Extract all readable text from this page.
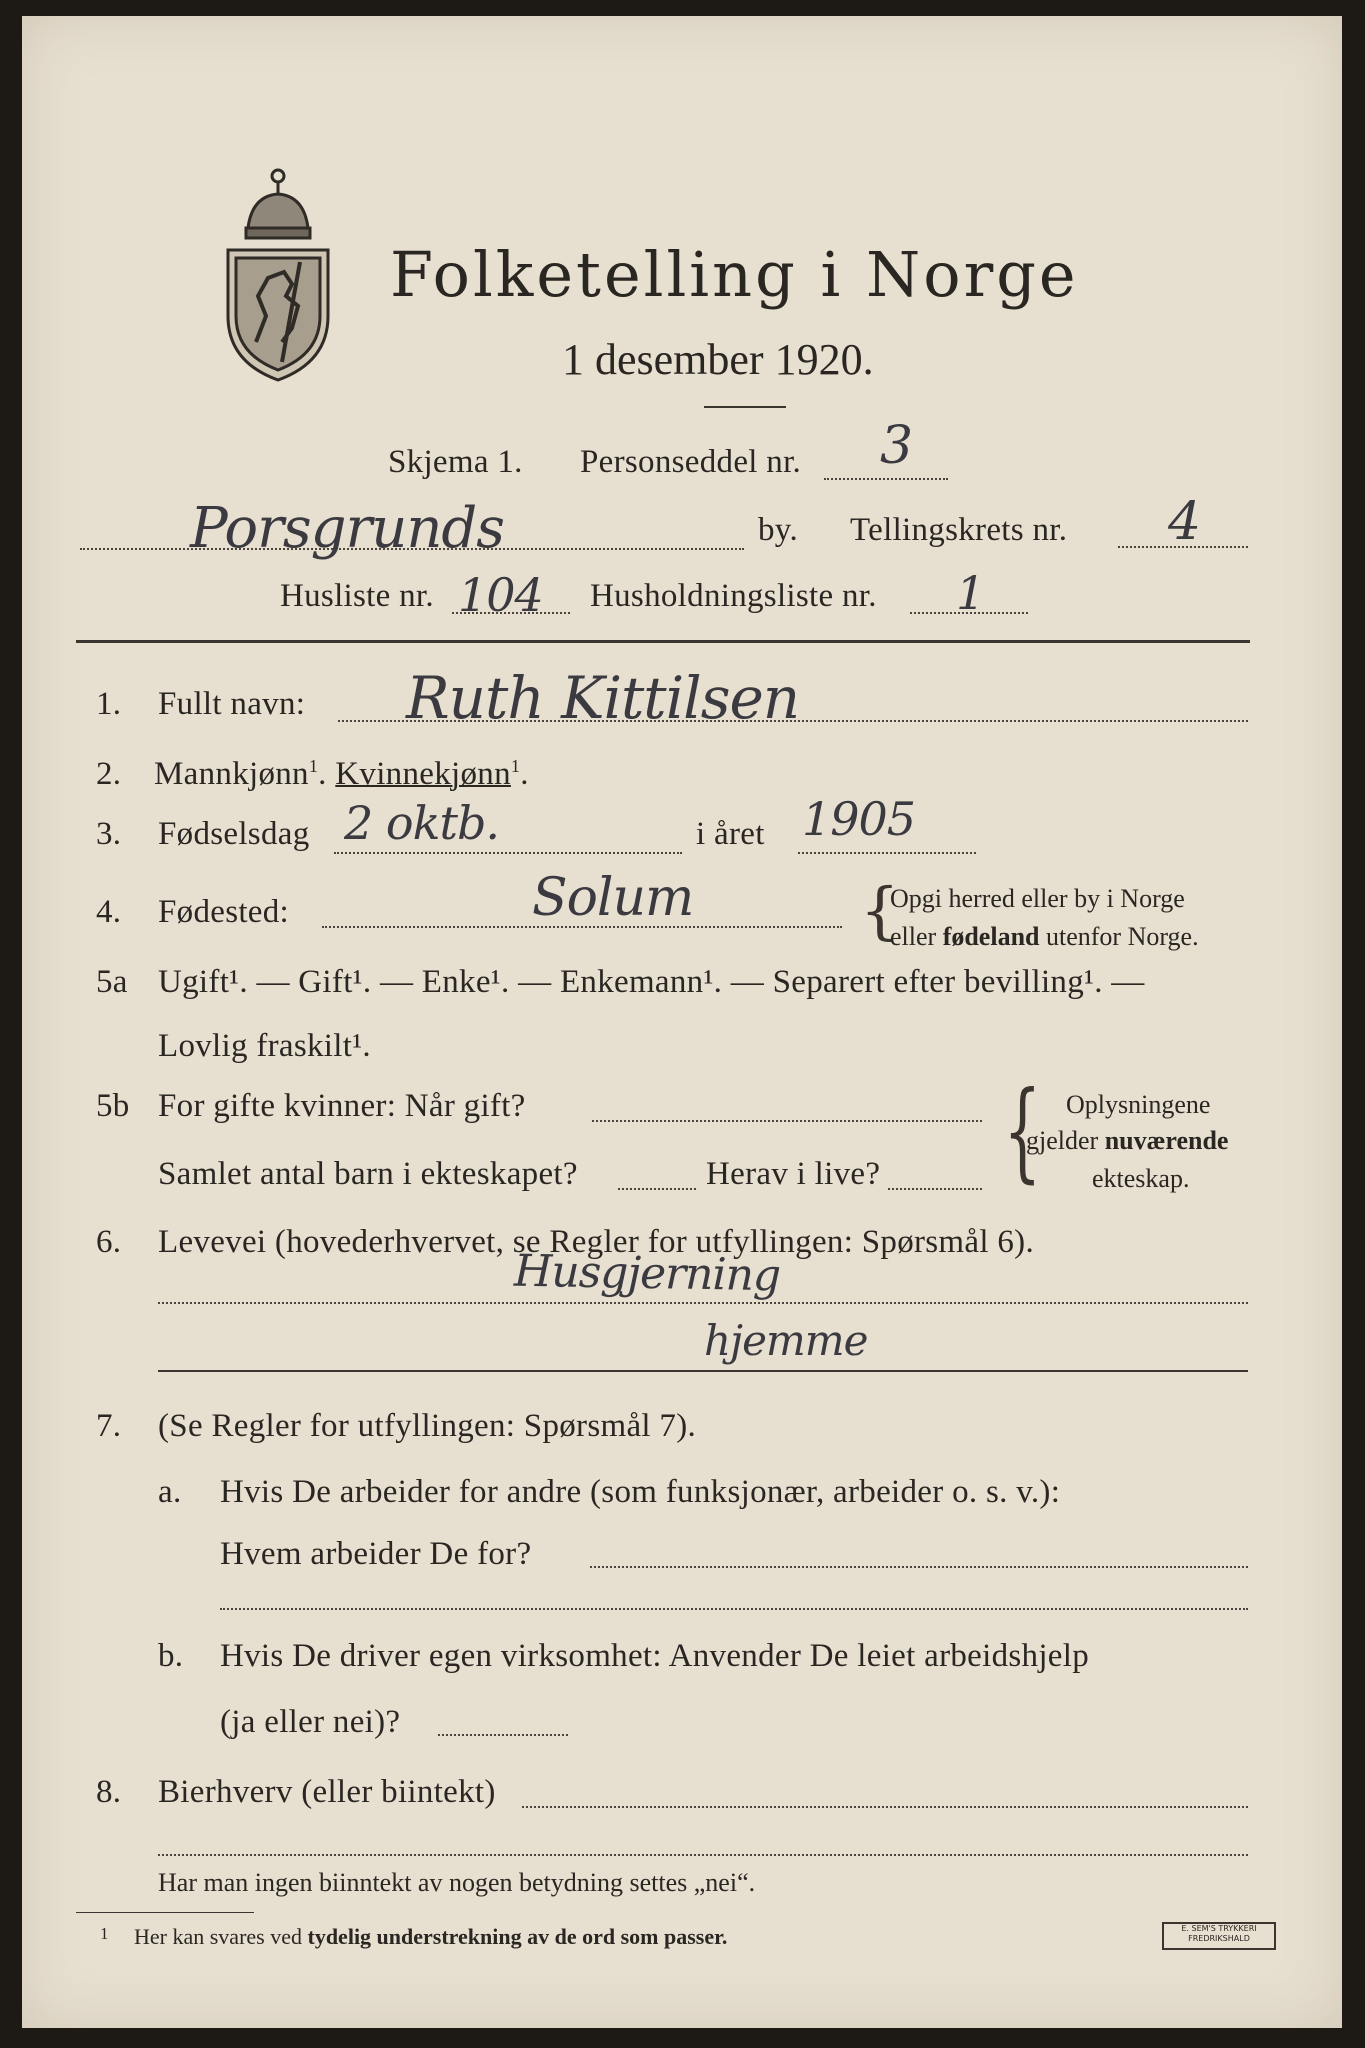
Folketelling i Norge
1 desember 1920.
Skjema 1. Personseddel nr. 3
Porsgrunds	by. Tellingskrets nr. 4
Husliste nr. 104 Husholdningsliste nr. 1
1. Fullt navn: Ruth Kittilsen
2. Mannkjønn$^1$. Kvinnekjønn$^1$.
3. Fødselsdag 2 oktb.	i året 1905
4. Fødested:	Solum	{
Opgi herred eller by i Norge
eller fødeland utenfor Norge.
5a Ugift¹. — Gift¹. — Enke¹. — Enkemann¹. — Separert efter bevilling¹. —
Lovlig fraskilt¹.
5b For gifte kvinner: Når gift?
Samlet antal barn i ekteskapet?	Herav i live? { Oplysningene
gjelder nuværende
ekteskap.
6. Levevei (hovederhvervet, se Regler for utfyllingen: Spørsmål 6).
Husgjerning
hjemme
7. (Se Regler for utfyllingen: Spørsmål 7).
a. Hvis De arbeider for andre (som funksjonær, arbeider o. s. v.):
Hvem arbeider De for?
b. Hvis De driver egen virksomhet: Anvender De leiet arbeidshjelp
(ja eller nei)?
8. Bierhverv (eller biintekt)
Har man ingen biinntekt av nogen betydning settes „nei“.
1 Her kan svares ved tydelig understrekning av de ord som passer.	E. SEM'S TRYKKERI
FREDRIKSHALD
